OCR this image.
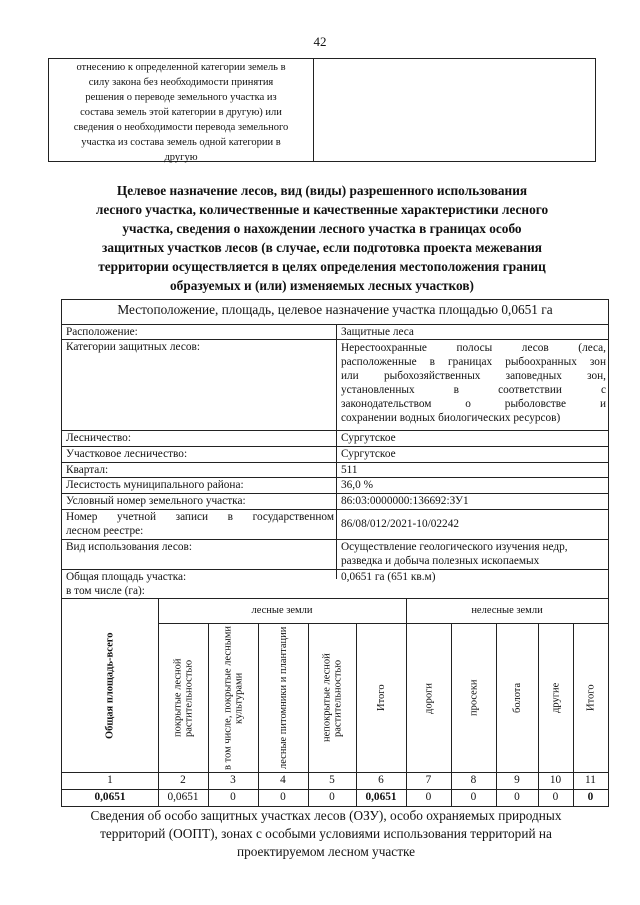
42
отнесению к определенной категории земель в
силу закона без необходимости принятия
решения о переводе земельного участка из
состава земель этой категории в другую) или
сведения о необходимости перевода земельного
участка из состава земель одной категории в
другую
Целевое назначение лесов, вид (виды) разрешенного использования
лесного участка, количественные и качественные характеристики лесного
участка, сведения о нахождении лесного участка в границах особо
защитных участков лесов (в случае, если подготовка проекта межевания
территории осуществляется в целях определения местоположения границ
образуемых и (или) изменяемых лесных участков)
Местоположение, площадь, целевое назначение участка площадью 0,0651 га
Расположение:	Защитные леса
Категории защитных лесов:	Нерестоохранные полосы лесов (леса,
расположенные в границах рыбоохранных зон
или рыбохозяйственных заповедных зон,
установленных в соответствии с
законодательством о рыболовстве и
сохранении водных биологических ресурсов)
Лесничество:	Сургутское
Участковое лесничество:	Сургутское
Квартал:	511
Лесистость муниципального района:	36,0 %
Условный номер земельного участка:	86:03:0000000:136692:ЗУ1
Номер учетной записи в государственном
лесном реестре:
86/08/012/2021-10/02242
Вид использования лесов:	Осуществление геологического изучения недр,
разведка и добыча полезных ископаемых
Общая площадь участка:
в том числе (га):
0,0651 га (651 кв.м)
лесные земли	нелесные земли
Общая площадь-всего	покрытые лесной растительностью	в том числе, покрытые лесными культурами	лесные питомники и плантации	непокрытые лесной растительностью	Итого	дороги	просеки	болота	другие	Итого
1	2	3	4	5	6	7	8	9	10	11
0,0651	0,0651	0	0	0	0,0651	0	0	0	0	0
Сведения об особо защитных участках лесов (ОЗУ), особо охраняемых природных
территорий (ООПТ), зонах с особыми условиями использования территорий на
проектируемом лесном участке
